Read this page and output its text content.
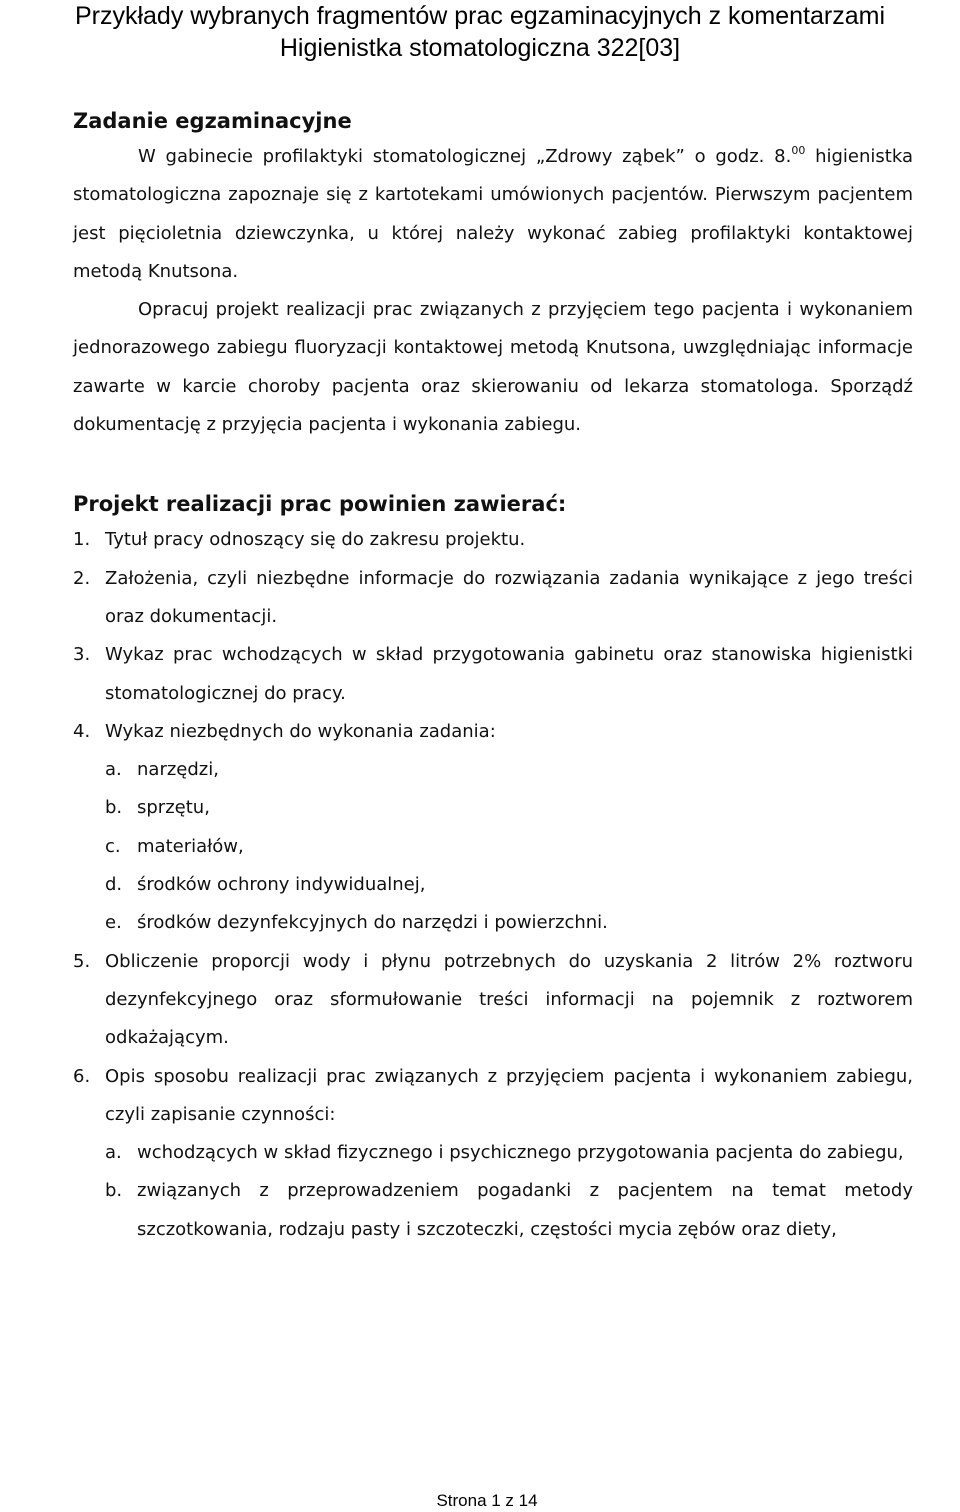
Przykłady wybranych fragmentów prac egzaminacyjnych z komentarzami
Higienistka stomatologiczna 322[03]
Zadanie egzaminacyjne

W gabinecie profilaktyki stomatologicznej „Zdrowy ząbek” o godz. 8.00 higienistka stomatologiczna zapoznaje się z kartotekami umówionych pacjentów. Pierwszym pacjentem jest pięcioletnia dziewczynka, u której należy wykonać zabieg profilaktyki kontaktowej metodą Knutsona.

Opracuj projekt realizacji prac związanych z przyjęciem tego pacjenta i wykonaniem jednorazowego zabiegu fluoryzacji kontaktowej metodą Knutsona, uwzględniając informacje zawarte w karcie choroby pacjenta oraz skierowaniu od lekarza stomatologa. Sporządź dokumentację z przyjęcia pacjenta i wykonania zabiegu.

Projekt realizacji prac powinien zawierać:
1. Tytuł pracy odnoszący się do zakresu projektu.
2. Założenia, czyli niezbędne informacje do rozwiązania zadania wynikające z jego treści oraz dokumentacji.
3. Wykaz prac wchodzących w skład przygotowania gabinetu oraz stanowiska higienistki stomatologicznej do pracy.
4. Wykaz niezbędnych do wykonania zadania:
a. narzędzi,
b. sprzętu,
c. materiałów,
d. środków ochrony indywidualnej,
e. środków dezynfekcyjnych do narzędzi i powierzchni.
5. Obliczenie proporcji wody i płynu potrzebnych do uzyskania 2 litrów 2% roztworu dezynfekcyjnego oraz sformułowanie treści informacji na pojemnik z roztworem odkażającym.
6. Opis sposobu realizacji prac związanych z przyjęciem pacjenta i wykonaniem zabiegu, czyli zapisanie czynności:
a. wchodzących w skład fizycznego i psychicznego przygotowania pacjenta do zabiegu,
b. związanych z przeprowadzeniem pogadanki z pacjentem na temat metody szczotkowania, rodzaju pasty i szczoteczki, częstości mycia zębów oraz diety,
Strona 1 z 14
